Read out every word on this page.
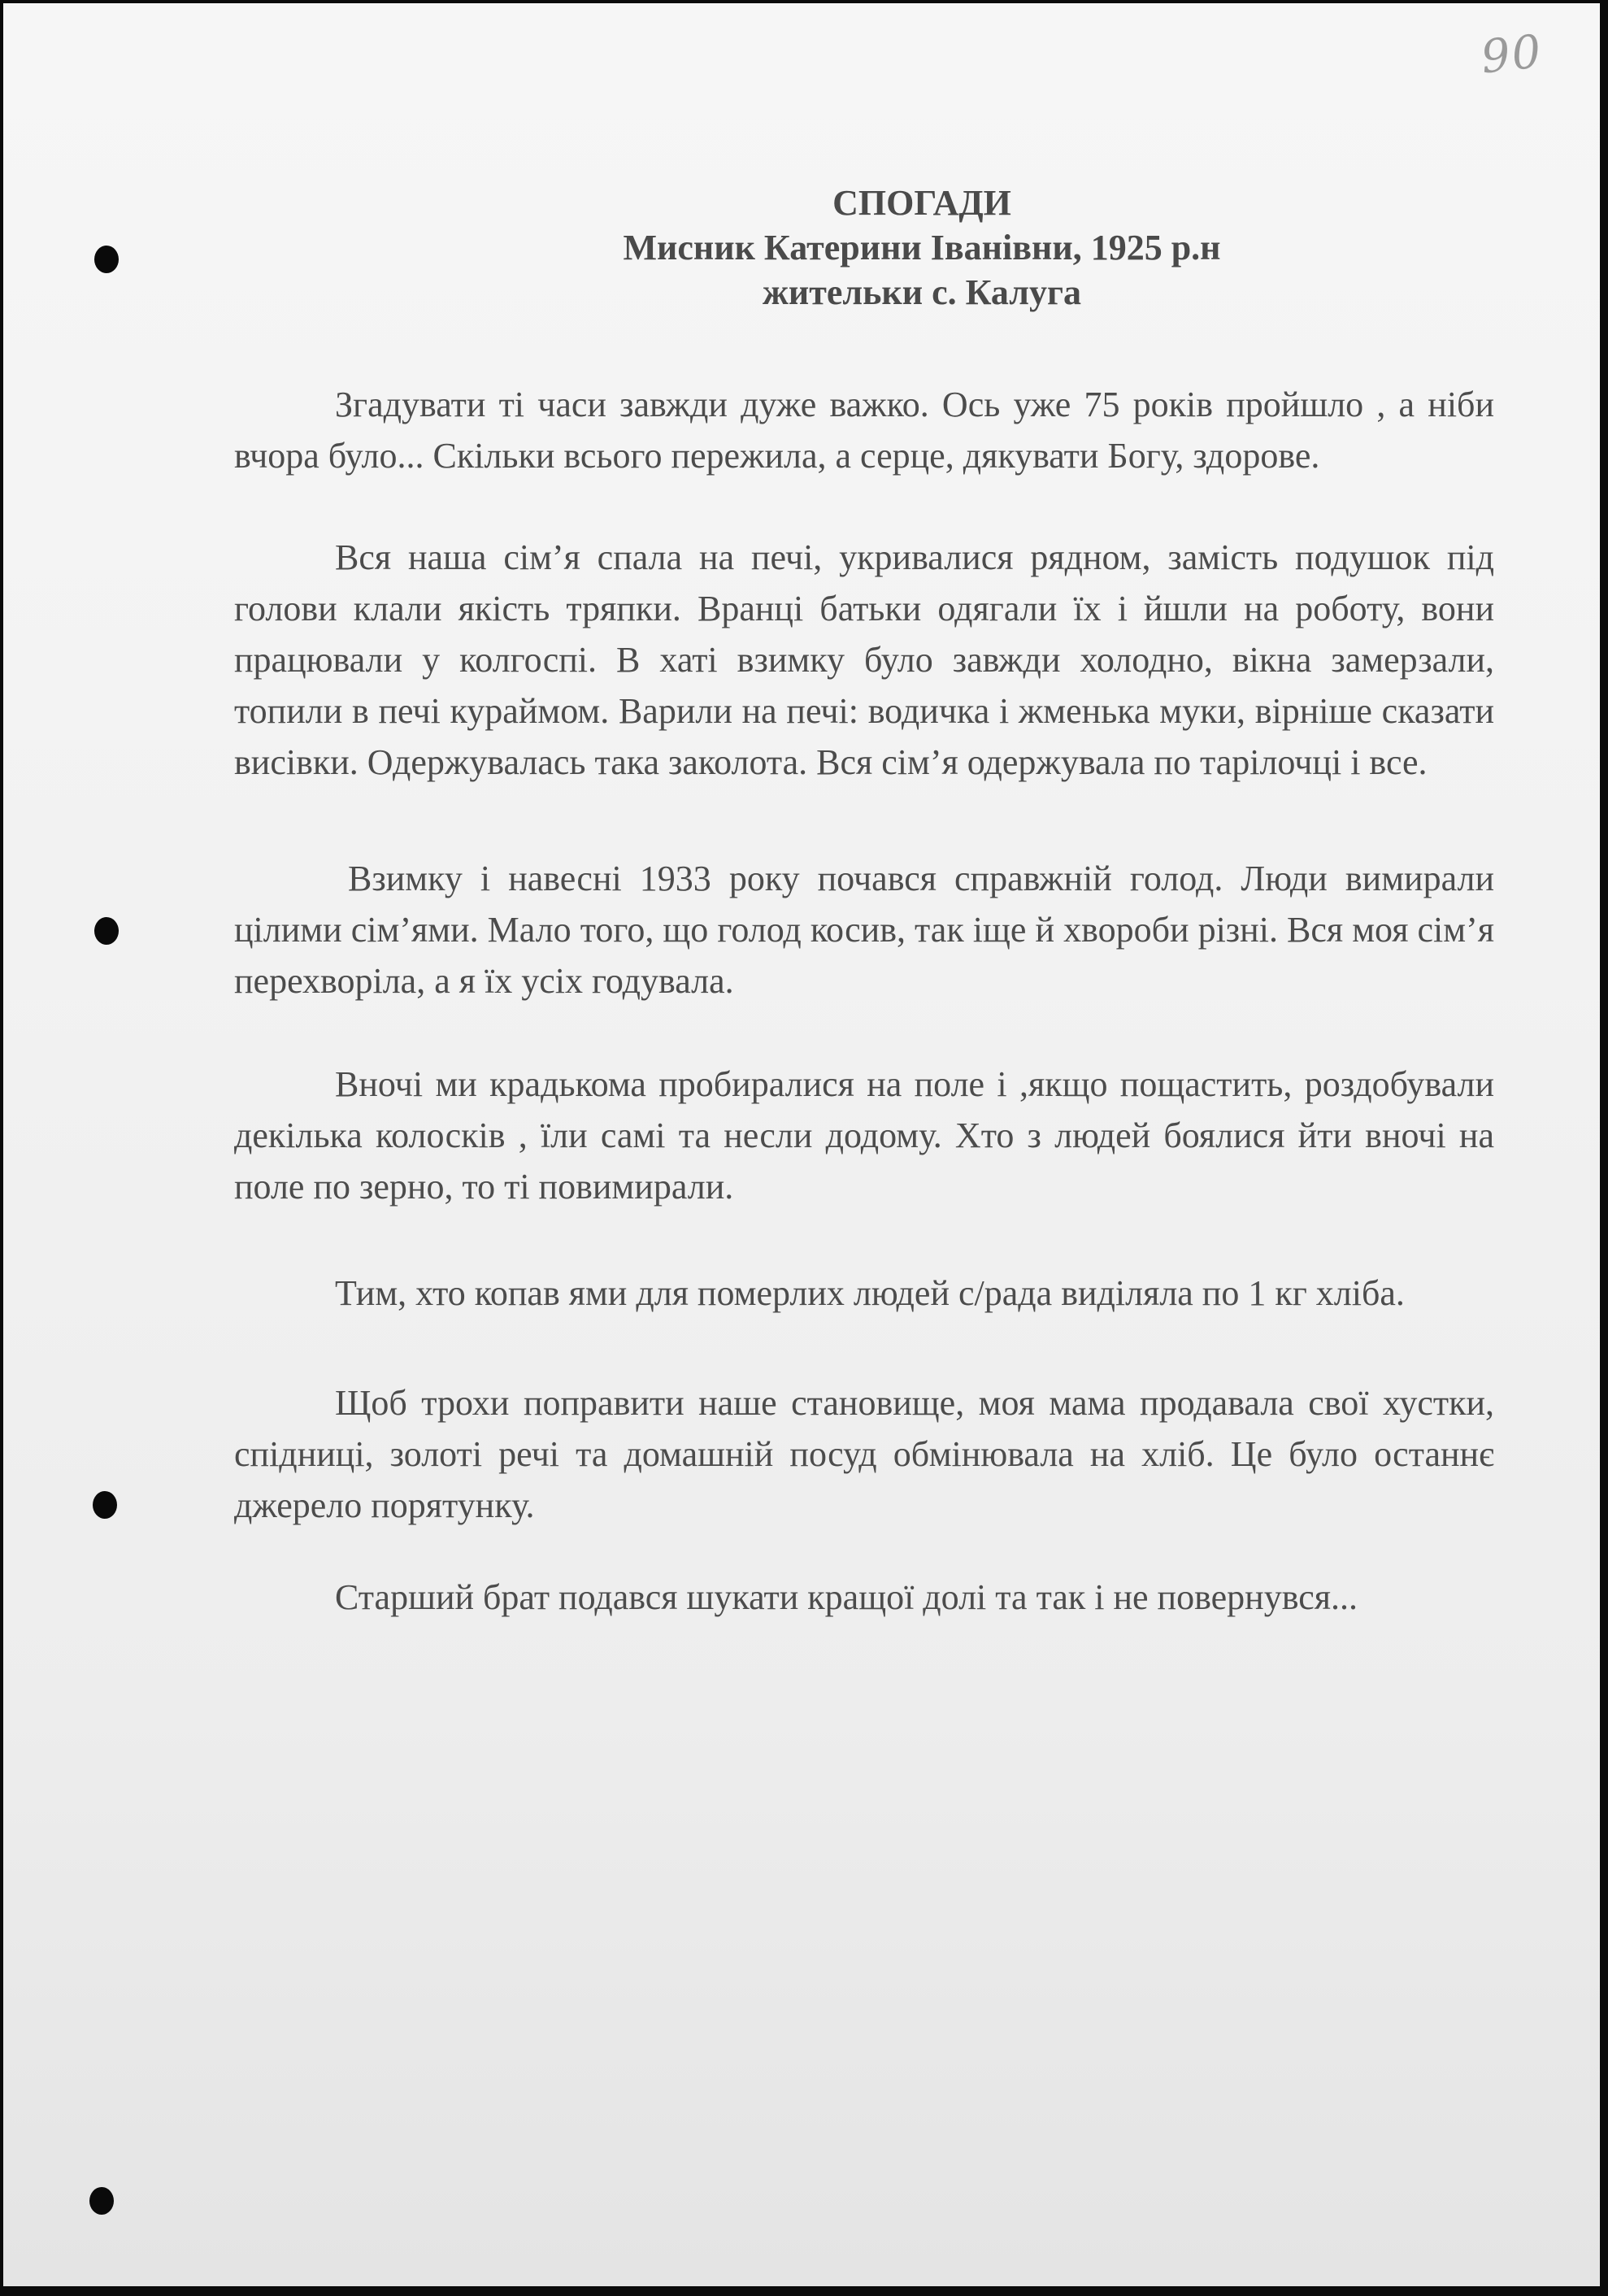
90
СПОГАДИ
Мисник Катерини Іванівни, 1925 р.н
жительки с. Калуга

Згадувати ті часи завжди дуже важко. Ось уже 75 років пройшло , а ніби вчора було... Скільки всього пережила, а серце, дякувати Богу, здорове.

Вся наша сім’я спала на печі, укривалися рядном, замість подушок під голови клали якість тряпки. Вранці батьки одягали їх і йшли на роботу, вони працювали у колгоспі. В хаті взимку було завжди холодно, вікна замерзали, топили в печі кураймом. Варили на печі: водичка і жменька муки, вірніше сказати висівки. Одержувалась така заколота. Вся сім’я одержувала по тарілочці і все.

Взимку і навесні 1933 року почався справжній голод. Люди вимирали цілими сім’ями. Мало того, що голод косив, так іще й хвороби різні. Вся моя сім’я перехворіла, а я їх усіх годувала.

Вночі ми крадькома пробиралися на поле і ,якщо пощастить, роздобували декілька колосків , їли самі та несли додому. Хто з людей боялися йти вночі на поле по зерно, то ті повимирали.

Тим, хто копав ями для померлих людей с/рада виділяла по 1 кг хліба.

Щоб трохи поправити наше становище, моя мама продавала свої хустки, спідниці, золоті речі та домашній посуд обмінювала на хліб. Це було останнє джерело порятунку.

Старший брат подався шукати кращої долі та так і не повернувся...
